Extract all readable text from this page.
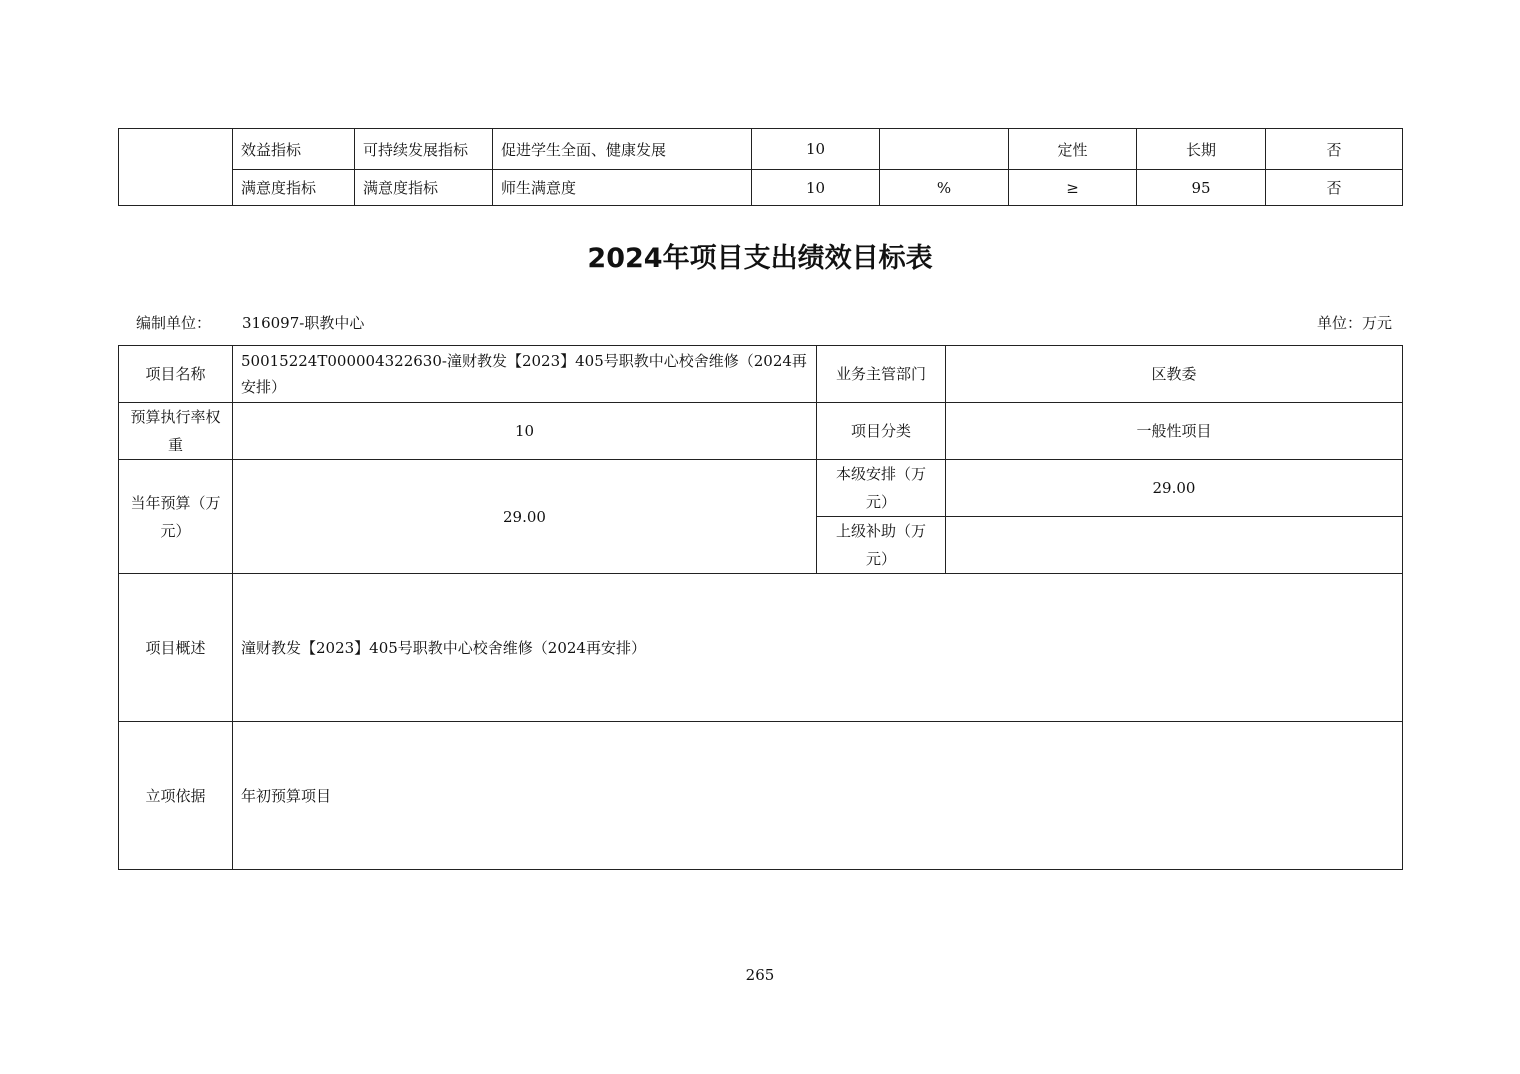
	效益指标	可持续发展指标	促进学生全面、健康发展	10		定性	长期	否
	满意度指标	满意度指标	师生满意度	10	%	≥	95	否
2024年项目支出绩效目标表
编制单位： 316097-职教中心	单位：万元
项目名称	50015224T000004322630-潼财教发【2023】405号职教中心校舍维修（2024再安排）	业务主管部门	区教委
预算执行率权重	10	项目分类	一般性项目
当年预算（万元）	29.00	本级安排（万元）	29.00
		上级补助（万元）	
项目概述	潼财教发【2023】405号职教中心校舍维修（2024再安排）		
立项依据	年初预算项目		
265
